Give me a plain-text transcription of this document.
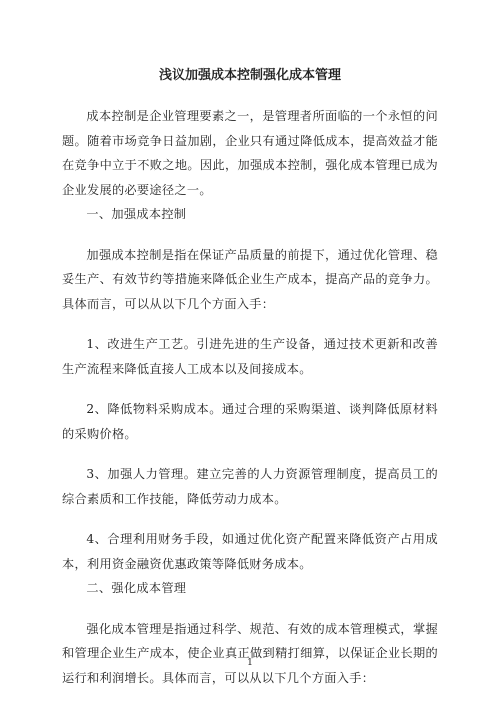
浅议加强成本控制强化成本管理

成本控制是企业管理要素之一，是管理者所面临的一个永恒的问题。随着市场竞争日益加剧，企业只有通过降低成本，提高效益才能在竞争中立于不败之地。因此，加强成本控制，强化成本管理已成为企业发展的必要途径之一。

一、加强成本控制

加强成本控制是指在保证产品质量的前提下，通过优化管理、稳妥生产、有效节约等措施来降低企业生产成本，提高产品的竞争力。具体而言，可以从以下几个方面入手：

1、改进生产工艺。引进先进的生产设备，通过技术更新和改善生产流程来降低直接人工成本以及间接成本。

2、降低物料采购成本。通过合理的采购渠道、谈判降低原材料的采购价格。

3、加强人力管理。建立完善的人力资源管理制度，提高员工的综合素质和工作技能，降低劳动力成本。

4、合理利用财务手段，如通过优化资产配置来降低资产占用成本，利用资金融资优惠政策等降低财务成本。

二、强化成本管理

强化成本管理是指通过科学、规范、有效的成本管理模式，掌握和管理企业生产成本，使企业真正做到精打细算，以保证企业长期的运行和利润增长。具体而言，可以从以下几个方面入手：

1
